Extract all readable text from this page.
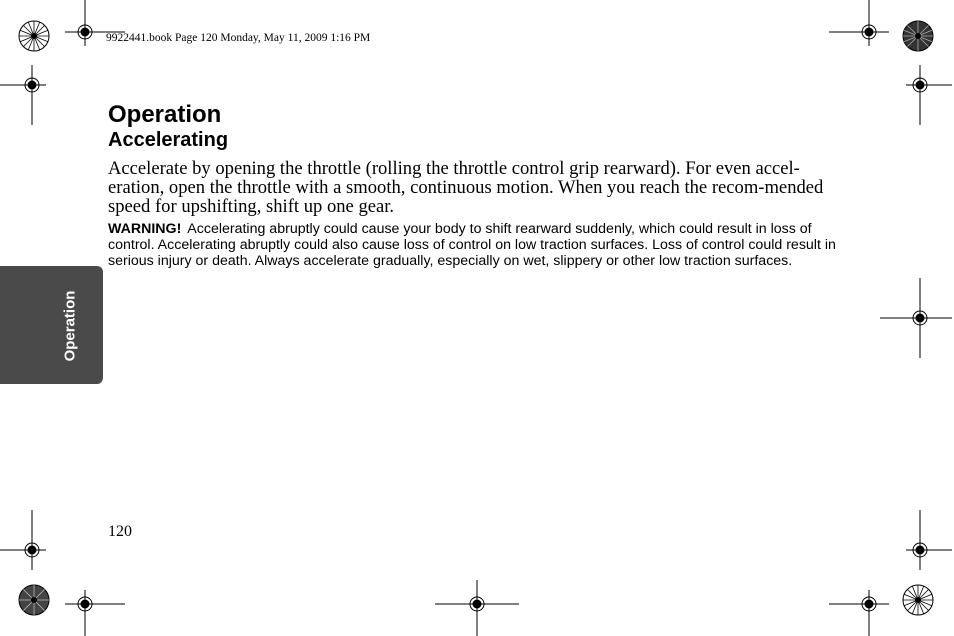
9922441.book Page 120 Monday, May 11, 2009 1:16 PM
Operation
Operation
Accelerating

Accelerate by opening the throttle (rolling the throttle control grip rearward). For even accel-eration, open the throttle with a smooth, continuous motion. When you reach the recom-mended speed for upshifting, shift up one gear.

WARNING! Accelerating abruptly could cause your body to shift rearward suddenly, which could result in loss of control. Accelerating abruptly could also cause loss of control on low traction surfaces. Loss of control could result in serious injury or death. Always accelerate gradually, especially on wet, slippery or other low traction surfaces.

120
